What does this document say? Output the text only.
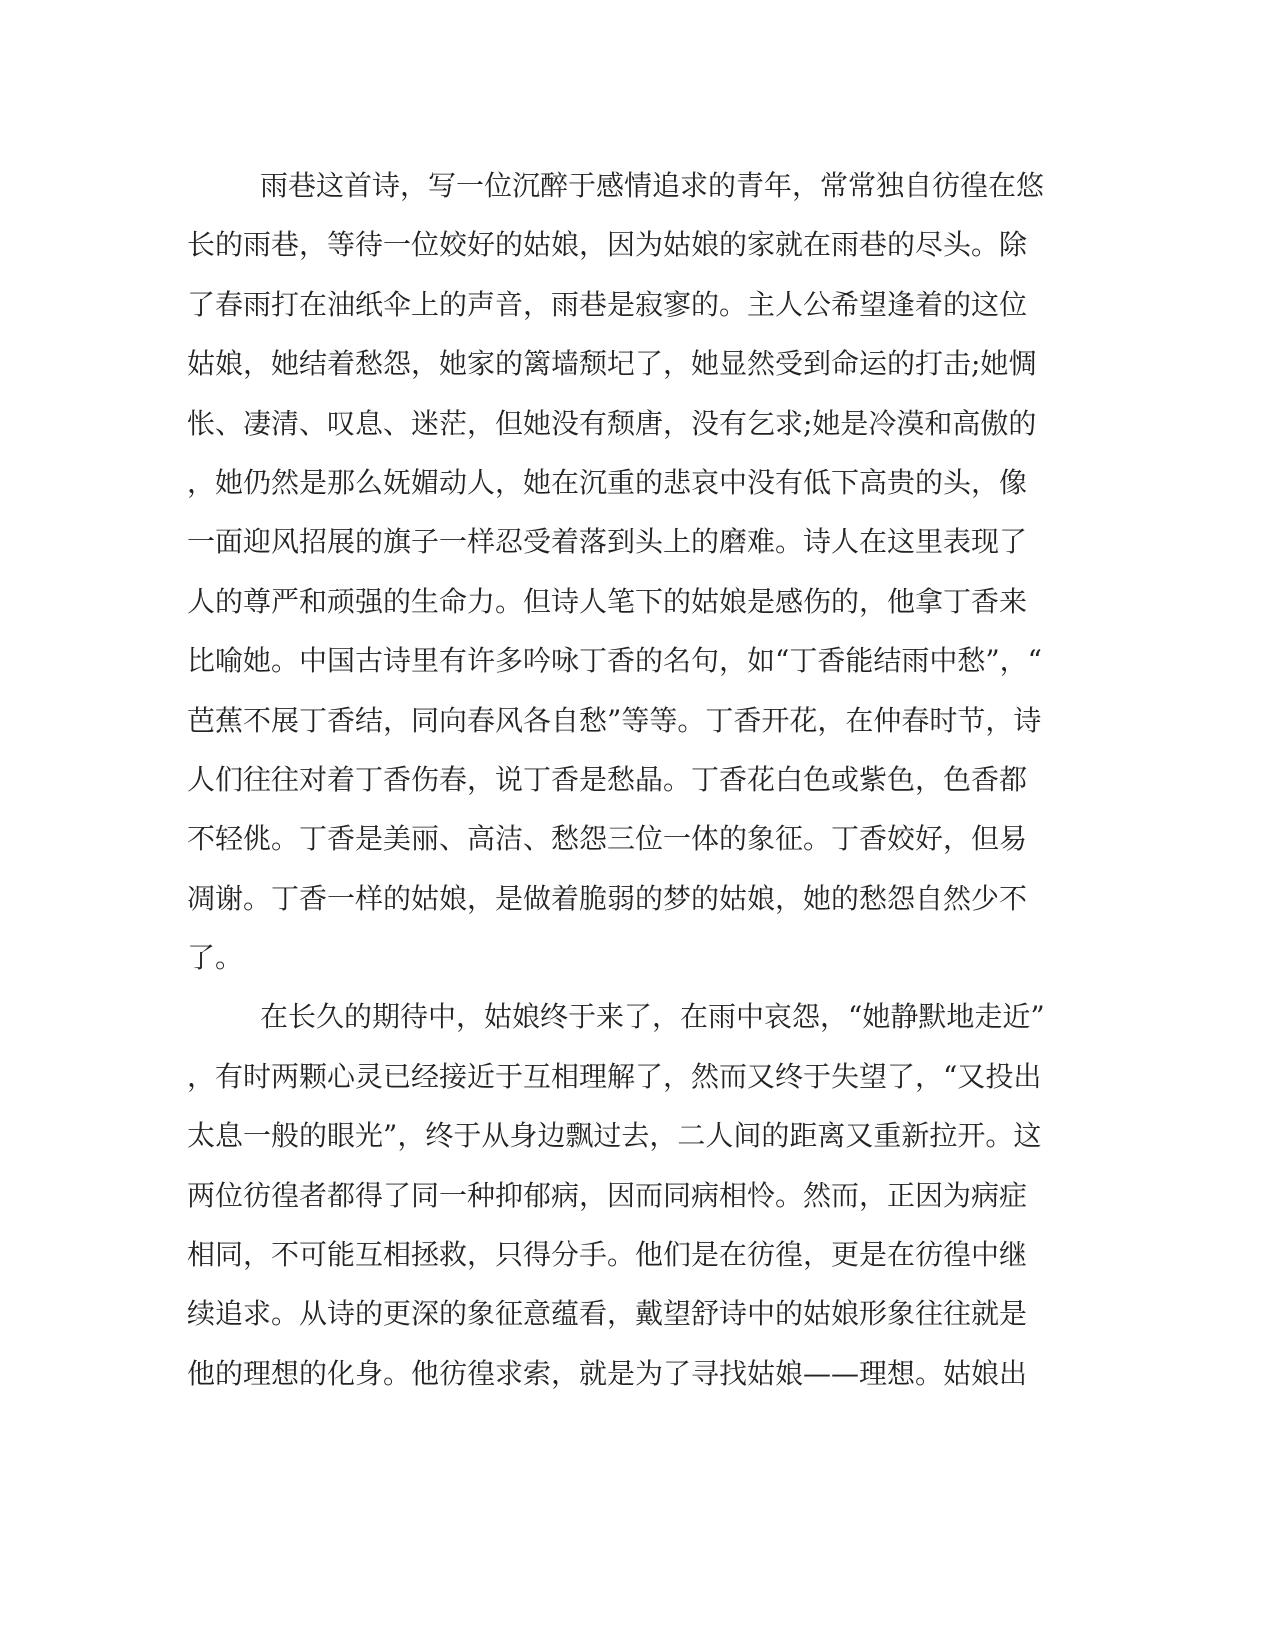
雨巷这首诗，写一位沉醉于感情追求的青年，常常独自彷徨在悠
长的雨巷，等待一位姣好的姑娘，因为姑娘的家就在雨巷的尽头。除
了春雨打在油纸伞上的声音，雨巷是寂寥的。主人公希望逢着的这位
姑娘，她结着愁怨，她家的篱墙颓圮了，她显然受到命运的打击;她惆
怅、凄清、叹息、迷茫，但她没有颓唐，没有乞求;她是冷漠和高傲的
，她仍然是那么妩媚动人，她在沉重的悲哀中没有低下高贵的头，像
一面迎风招展的旗子一样忍受着落到头上的磨难。诗人在这里表现了
人的尊严和顽强的生命力。但诗人笔下的姑娘是感伤的，他拿丁香来
比喻她。中国古诗里有许多吟咏丁香的名句，如“丁香能结雨中愁”，“
芭蕉不展丁香结，同向春风各自愁”等等。丁香开花，在仲春时节，诗
人们往往对着丁香伤春，说丁香是愁晶。丁香花白色或紫色，色香都
不轻佻。丁香是美丽、高洁、愁怨三位一体的象征。丁香姣好，但易
凋谢。丁香一样的姑娘，是做着脆弱的梦的姑娘，她的愁怨自然少不
了。
在长久的期待中，姑娘终于来了，在雨中哀怨，“她静默地走近”
，有时两颗心灵已经接近于互相理解了，然而又终于失望了，“又投出
太息一般的眼光”，终于从身边飘过去，二人间的距离又重新拉开。这
两位彷徨者都得了同一种抑郁病，因而同病相怜。然而，正因为病症
相同，不可能互相拯救，只得分手。他们是在彷徨，更是在彷徨中继
续追求。从诗的更深的象征意蕴看，戴望舒诗中的姑娘形象往往就是
他的理想的化身。他彷徨求索，就是为了寻找姑娘——理想。姑娘出
